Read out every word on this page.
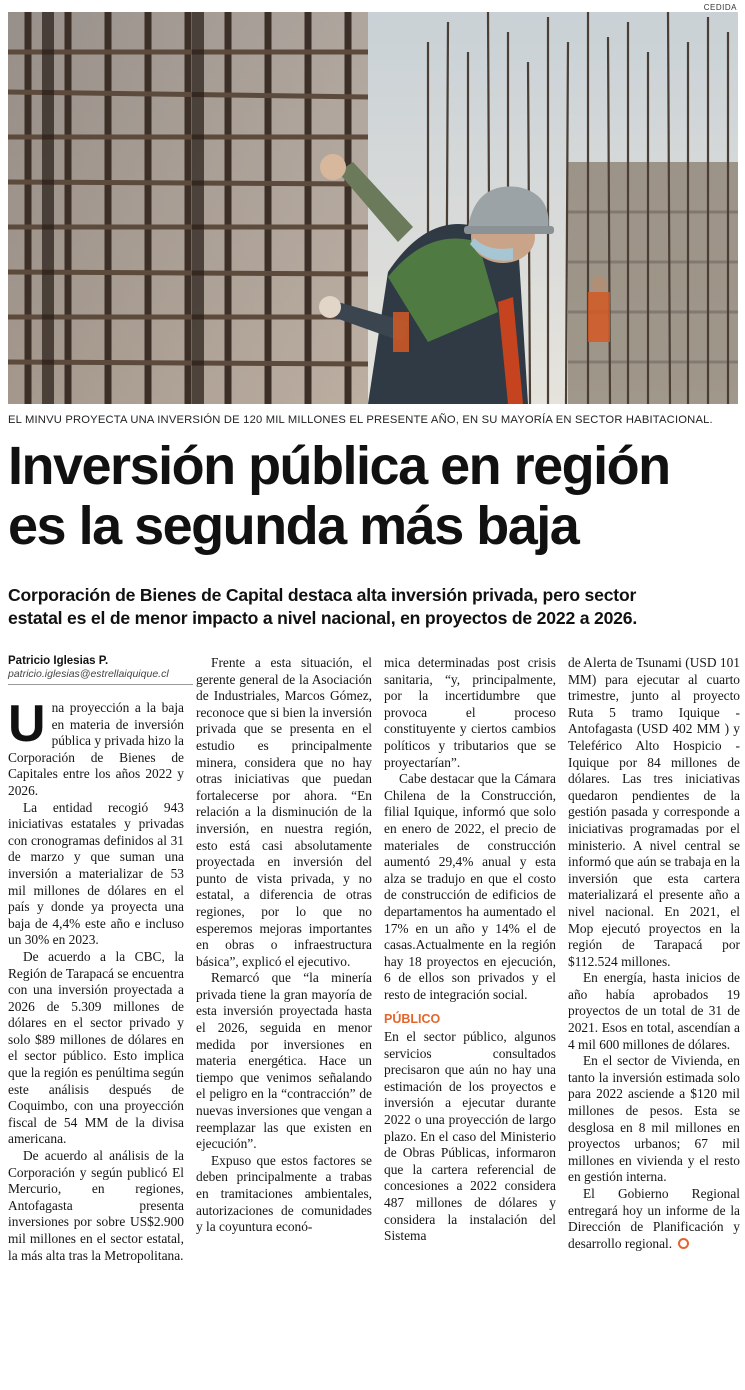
CEDIDA
EL MINVU PROYECTA UNA INVERSIÓN DE 120 MIL MILLONES EL PRESENTE AÑO, EN SU MAYORÍA EN SECTOR HABITACIONAL.
Inversión pública en región
es la segunda más baja
Corporación de Bienes de Capital destaca alta inversión privada, pero sector
estatal es el de menor impacto a nivel nacional, en proyectos de 2022 a 2026.
Patricio Iglesias P.
patricio.iglesias@estrellaiquique.cl

Una proyección a la baja en materia de inversión pública y privada hizo la Corporación de Bienes de Capitales entre los años 2022 y 2026.

La entidad recogió 943 iniciativas estatales y privadas con cronogramas definidos al 31 de marzo y que suman una inversión a materializar de 53 mil millones de dólares en el país y donde ya proyecta una baja de 4,4% este año e incluso un 30% en 2023.

De acuerdo a la CBC, la Región de Tarapacá se encuentra con una inversión proyectada a 2026 de 5.309 millones de dólares en el sector privado y solo $89 millones de dólares en el sector público. Esto implica que la región es penúltima según este análisis después de Coquimbo, con una proyección fiscal de 54 MM de la divisa americana.

De acuerdo al análisis de la Corporación y según publicó El Mercurio, en regiones, Antofagasta presenta inversiones por sobre US$2.900 mil millones en el sector estatal, la más alta tras la Metropolitana.

Frente a esta situación, el gerente general de la Asociación de Industriales, Marcos Gómez, reconoce que si bien la inversión privada que se presenta en el estudio es principalmente minera, considera que no hay otras iniciativas que puedan fortalecerse por ahora. “En relación a la disminución de la inversión, en nuestra región, esto está casi absolutamente proyectada en inversión del punto de vista privada, y no estatal, a diferencia de otras regiones, por lo que no esperemos mejoras importantes en obras o infraestructura básica”, explicó el ejecutivo.

Remarcó que “la minería privada tiene la gran mayoría de esta inversión proyectada hasta el 2026, seguida en menor medida por inversiones en materia energética. Hace un tiempo que venimos señalando el peligro en la “contracción” de nuevas inversiones que vengan a reemplazar las que existen en ejecución”.

Expuso que estos factores se deben principalmente a trabas en tramitaciones ambientales, autorizaciones de comunidades y la coyuntura econó-

mica determinadas post crisis sanitaria, “y, principalmente, por la incertidumbre que provoca el proceso constituyente y ciertos cambios políticos y tributarios que se proyectarían”.

Cabe destacar que la Cámara Chilena de la Construcción, filial Iquique, informó que solo en enero de 2022, el precio de materiales de construcción aumentó 29,4% anual y esta alza se tradujo en que el costo de construcción de edificios de departamentos ha aumentado el 17% en un año y 14% el de casas.Actualmente en la región hay 18 proyectos en ejecución, 6 de ellos son privados y el resto de integración social.

PÚBLICO

En el sector público, algunos servicios consultados precisaron que aún no hay una estimación de los proyectos e inversión a ejecutar durante 2022 o una proyección de largo plazo. En el caso del Ministerio de Obras Públicas, informaron que la cartera referencial de concesiones a 2022 considera 487 millones de dólares y considera la instalación del Sistema

de Alerta de Tsunami (USD 101 MM) para ejecutar al cuarto trimestre, junto al proyecto Ruta 5 tramo Iquique - Antofagasta (USD 402 MM ) y Teleférico Alto Hospicio - Iquique por 84 millones de dólares. Las tres iniciativas quedaron pendientes de la gestión pasada y corresponde a iniciativas programadas por el ministerio. A nivel central se informó que aún se trabaja en la inversión que esta cartera materializará el presente año a nivel nacional. En 2021, el Mop ejecutó proyectos en la región de Tarapacá por $112.524 millones.

En energía, hasta inicios de año había aprobados 19 proyectos de un total de 31 de 2021. Esos en total, ascendían a 4 mil 600 millones de dólares.

En el sector de Vivienda, en tanto la inversión estimada solo para 2022 asciende a $120 mil millones de pesos. Esta se desglosa en 8 mil millones en proyectos urbanos; 67 mil millones en vivienda y el resto en gestión interna.

El Gobierno Regional entregará hoy un informe de la Dirección de Planificación y desarrollo regional.
